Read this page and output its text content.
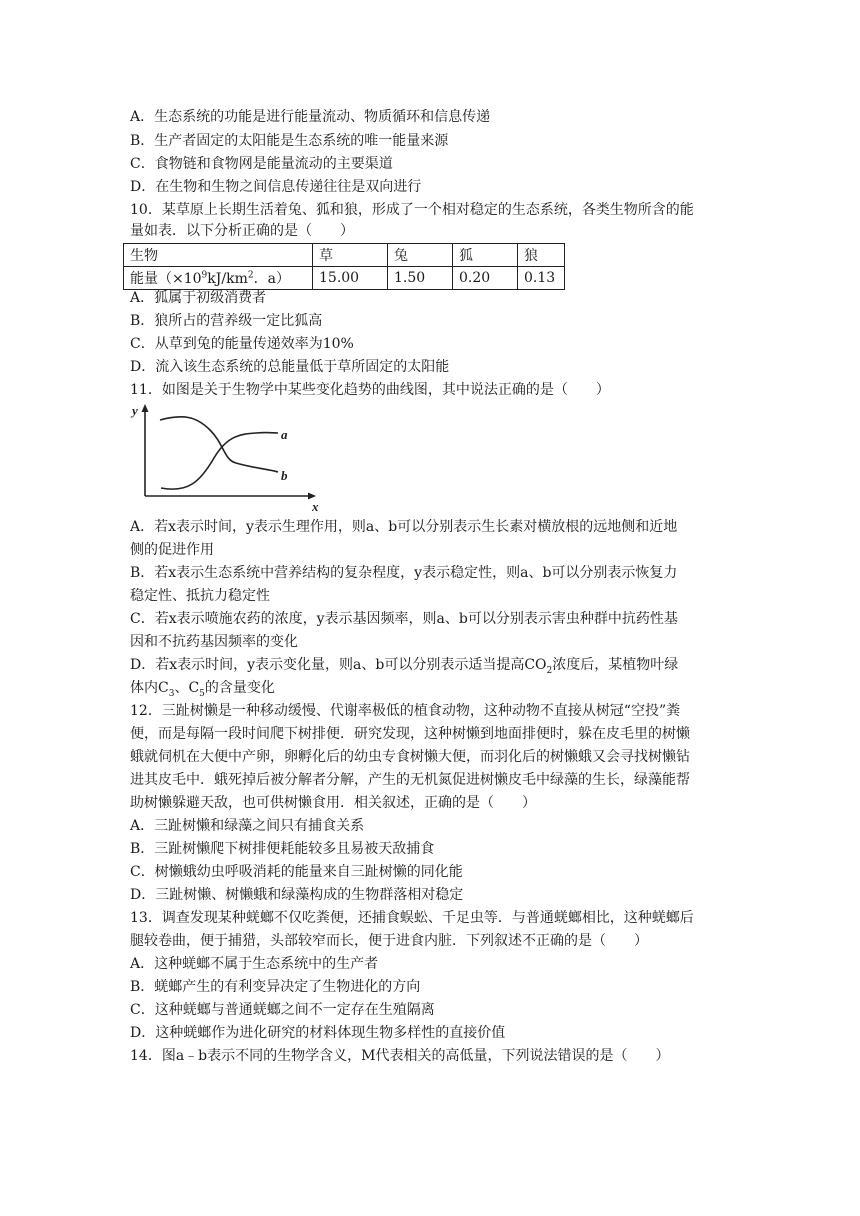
A．生态系统的功能是进行能量流动、物质循环和信息传递
B．生产者固定的太阳能是生态系统的唯一能量来源
C．食物链和食物网是能量流动的主要渠道
D．在生物和生物之间信息传递往往是双向进行
10．某草原上长期生活着兔、狐和狼，形成了一个相对稳定的生态系统，各类生物所含的能
量如表．以下分析正确的是（　　）
生物	草	兔	狐	狼
能量（$\times 10^9kJ/km^2$．a）	15.00	1.50	0.20	0.13
A．狐属于初级消费者
B．狼所占的营养级一定比狐高
C．从草到兔的能量传递效率为10%
D．流入该生态系统的总能量低于草所固定的太阳能
11．如图是关于生物学中某些变化趋势的曲线图，其中说法正确的是（　　）
y
x
a
b
A．若x表示时间，y表示生理作用，则a、b可以分别表示生长素对横放根的远地侧和近地
侧的促进作用
B．若x表示生态系统中营养结构的复杂程度，y表示稳定性，则a、b可以分别表示恢复力
稳定性、抵抗力稳定性
C．若x表示喷施农药的浓度，y表示基因频率，则a、b可以分别表示害虫种群中抗药性基
因和不抗药基因频率的变化
D．若x表示时间，y表示变化量，则a、b可以分别表示适当提高$CO_2$浓度后，某植物叶绿
体内$C_3$、$C_5$的含量变化
12．三趾树懒是一种移动缓慢、代谢率极低的植食动物，这种动物不直接从树冠“空投”粪
便，而是每隔一段时间爬下树排便．研究发现，这种树懒到地面排便时，躲在皮毛里的树懒
蛾就伺机在大便中产卵，卵孵化后的幼虫专食树懒大便，而羽化后的树懒蛾又会寻找树懒钻
进其皮毛中．蛾死掉后被分解者分解，产生的无机氮促进树懒皮毛中绿藻的生长，绿藻能帮
助树懒躲避天敌，也可供树懒食用．相关叙述，正确的是（　　）
A．三趾树懒和绿藻之间只有捕食关系
B．三趾树懒爬下树排便耗能较多且易被天敌捕食
C．树懒蛾幼虫呼吸消耗的能量来自三趾树懒的同化能
D．三趾树懒、树懒蛾和绿藻构成的生物群落相对稳定
13．调查发现某种蜣螂不仅吃粪便，还捕食蜈蚣、千足虫等．与普通蜣螂相比，这种蜣螂后
腿较卷曲，便于捕猎，头部较窄而长，便于进食内脏．下列叙述不正确的是（　　）
A．这种蜣螂不属于生态系统中的生产者
B．蜣螂产生的有利变异决定了生物进化的方向
C．这种蜣螂与普通蜣螂之间不一定存在生殖隔离
D．这种蜣螂作为进化研究的材料体现生物多样性的直接价值
14．图a﹣b表示不同的生物学含义，M代表相关的高低量，下列说法错误的是（　　）
